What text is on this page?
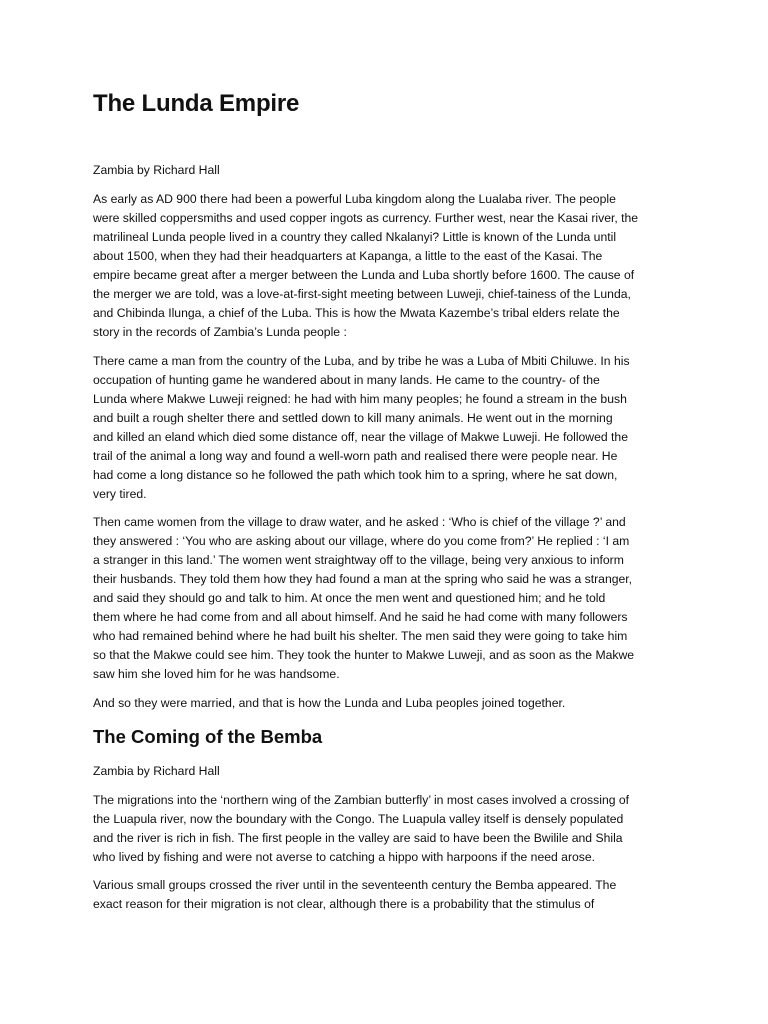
The Lunda Empire
Zambia by Richard Hall
As early as AD 900 there had been a powerful Luba kingdom along the Lualaba river. The people
were skilled coppersmiths and used copper ingots as currency. Further west, near the Kasai river, the
matrilineal Lunda people lived in a country they called Nkalanyi? Little is known of the Lunda until
about 1500, when they had their headquarters at Kapanga, a little to the east of the Kasai. The
empire became great after a merger between the Lunda and Luba shortly before 1600. The cause of
the merger we are told, was a love-at-first-sight meeting between Luweji, chief-tainess of the Lunda,
and Chibinda Ilunga, a chief of the Luba. This is how the Mwata Kazembe’s tribal elders relate the
story in the records of Zambia’s Lunda people :
There came a man from the country of the Luba, and by tribe he was a Luba of Mbiti Chiluwe. In his
occupation of hunting game he wandered about in many lands. He came to the country- of the
Lunda where Makwe Luweji reigned: he had with him many peoples; he found a stream in the bush
and built a rough shelter there and settled down to kill many animals. He went out in the morning
and killed an eland which died some distance off, near the village of Makwe Luweji. He followed the
trail of the animal a long way and found a well-worn path and realised there were people near. He
had come a long distance so he followed the path which took him to a spring, where he sat down,
very tired.
Then came women from the village to draw water, and he asked : ‘Who is chief of the village ?’ and
they answered : ‘You who are asking about our village, where do you come from?’ He replied : ‘I am
a stranger in this land.’ The women went straightway off to the village, being very anxious to inform
their husbands. They told them how they had found a man at the spring who said he was a stranger,
and said they should go and talk to him. At once the men went and questioned him; and he told
them where he had come from and all about himself. And he said he had come with many followers
who had remained behind where he had built his shelter. The men said they were going to take him
so that the Makwe could see him. They took the hunter to Makwe Luweji, and as soon as the Makwe
saw him she loved him for he was handsome.
And so they were married, and that is how the Lunda and Luba peoples joined together.
The Coming of the Bemba
Zambia by Richard Hall
The migrations into the ‘northern wing of the Zambian butterfly’ in most cases involved a crossing of
the Luapula river, now the boundary with the Congo. The Luapula valley itself is densely populated
and the river is rich in fish. The first people in the valley are said to have been the Bwilile and Shila
who lived by fishing and were not averse to catching a hippo with harpoons if the need arose.
Various small groups crossed the river until in the seventeenth century the Bemba appeared. The
exact reason for their migration is not clear, although there is a probability that the stimulus of
